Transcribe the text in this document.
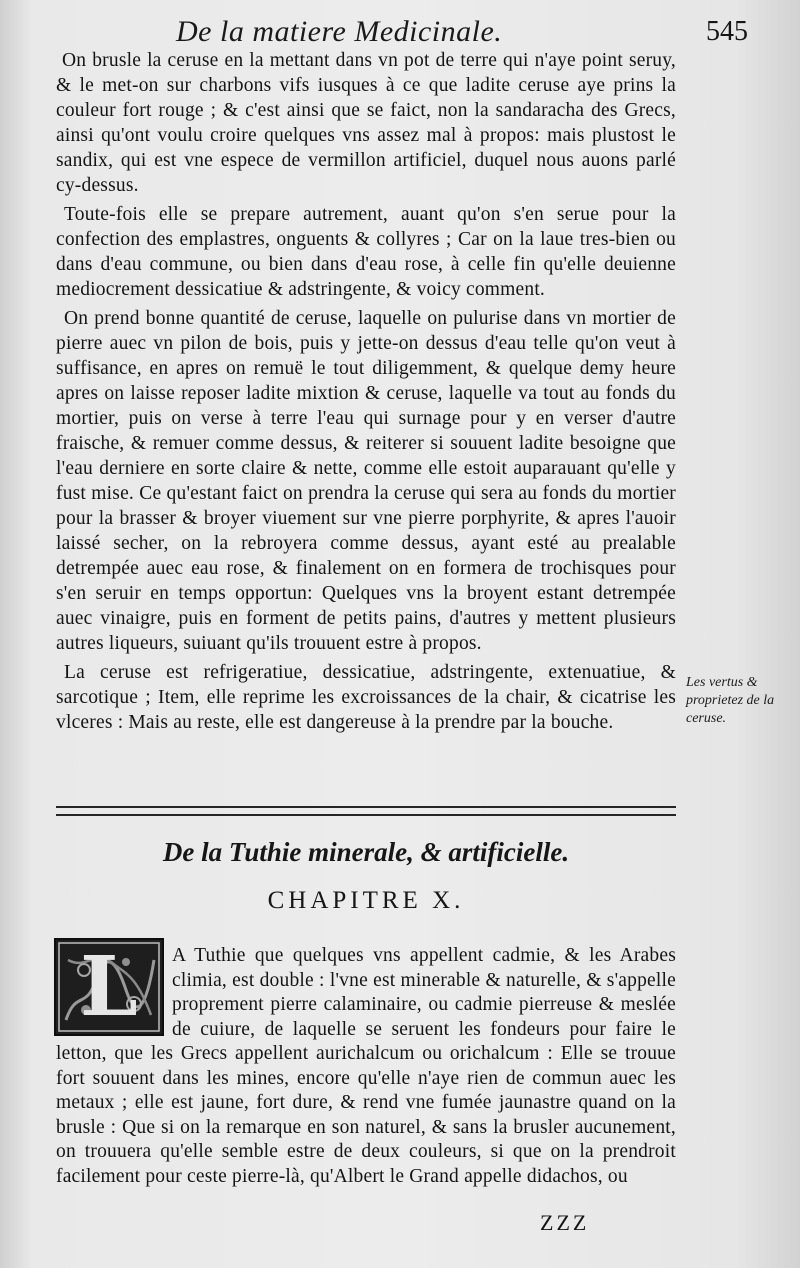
De la matiere Medicinale.	545

On brusle la ceruse en la mettant dans vn pot de terre qui n'aye point seruy, & le met-on sur charbons vifs iusques à ce que ladite ceruse aye prins la couleur fort rouge ; & c'est ainsi que se faict, non la sandaracha des Grecs, ainsi qu'ont voulu croire quelques vns assez mal à propos: mais plustost le sandix, qui est vne espece de vermillon artificiel, duquel nous auons parlé cy-dessus.

Toute-fois elle se prepare autrement, auant qu'on s'en serue pour la confection des emplastres, onguents & collyres ; Car on la laue tres-bien ou dans d'eau commune, ou bien dans d'eau rose, à celle fin qu'elle deuienne mediocrement dessicatiue & adstringente, & voicy comment.

On prend bonne quantité de ceruse, laquelle on pulurise dans vn mortier de pierre auec vn pilon de bois, puis y jette-on dessus d'eau telle qu'on veut à suffisance, en apres on remuë le tout diligemment, & quelque demy heure apres on laisse reposer ladite mixtion & ceruse, laquelle va tout au fonds du mortier, puis on verse à terre l'eau qui surnage pour y en verser d'autre fraische, & remuer comme dessus, & reiterer si souuent ladite besoigne que l'eau derniere en sorte claire & nette, comme elle estoit auparauant qu'elle y fust mise. Ce qu'estant faict on prendra la ceruse qui sera au fonds du mortier pour la brasser & broyer viuement sur vne pierre porphyrite, & apres l'auoir laissé secher, on la rebroyera comme dessus, ayant esté au prealable detrempée auec eau rose, & finalement on en formera de trochisques pour s'en seruir en temps opportun: Quelques vns la broyent estant detrempée auec vinaigre, puis en forment de petits pains, d'autres y mettent plusieurs autres liqueurs, suiuant qu'ils trouuent estre à propos.

La ceruse est refrigeratiue, dessicatiue, adstringente, extenuatiue, & sarcotique ; Item, elle reprime les excroissances de la chair, & cicatrise les vlceres : Mais au reste, elle est dangereuse à la prendre par la bouche.

Les vertus & proprietez de la ceruse.
De la Tuthie minerale, & artificielle.
CHAPITRE X.
L	A Tuthie que quelques vns appellent cadmie, & les Arabes climia, est double : l'vne est minerable & naturelle, & s'appelle proprement pierre calaminaire, ou cadmie pierreuse & meslée de cuiure, de laquelle se seruent les fondeurs pour faire le letton, que les Grecs appellent aurichalcum ou orichalcum : Elle se trouue fort souuent dans les mines, encore qu'elle n'aye rien de commun auec les metaux ; elle est jaune, fort dure, & rend vne fumée jaunastre quand on la brusle : Que si on la remarque en son naturel, & sans la brusler aucunement, on trouuera qu'elle semble estre de deux couleurs, si que on la prendroit facilement pour ceste pierre-là, qu'Albert le Grand appelle didachos, ou

ZZZ
